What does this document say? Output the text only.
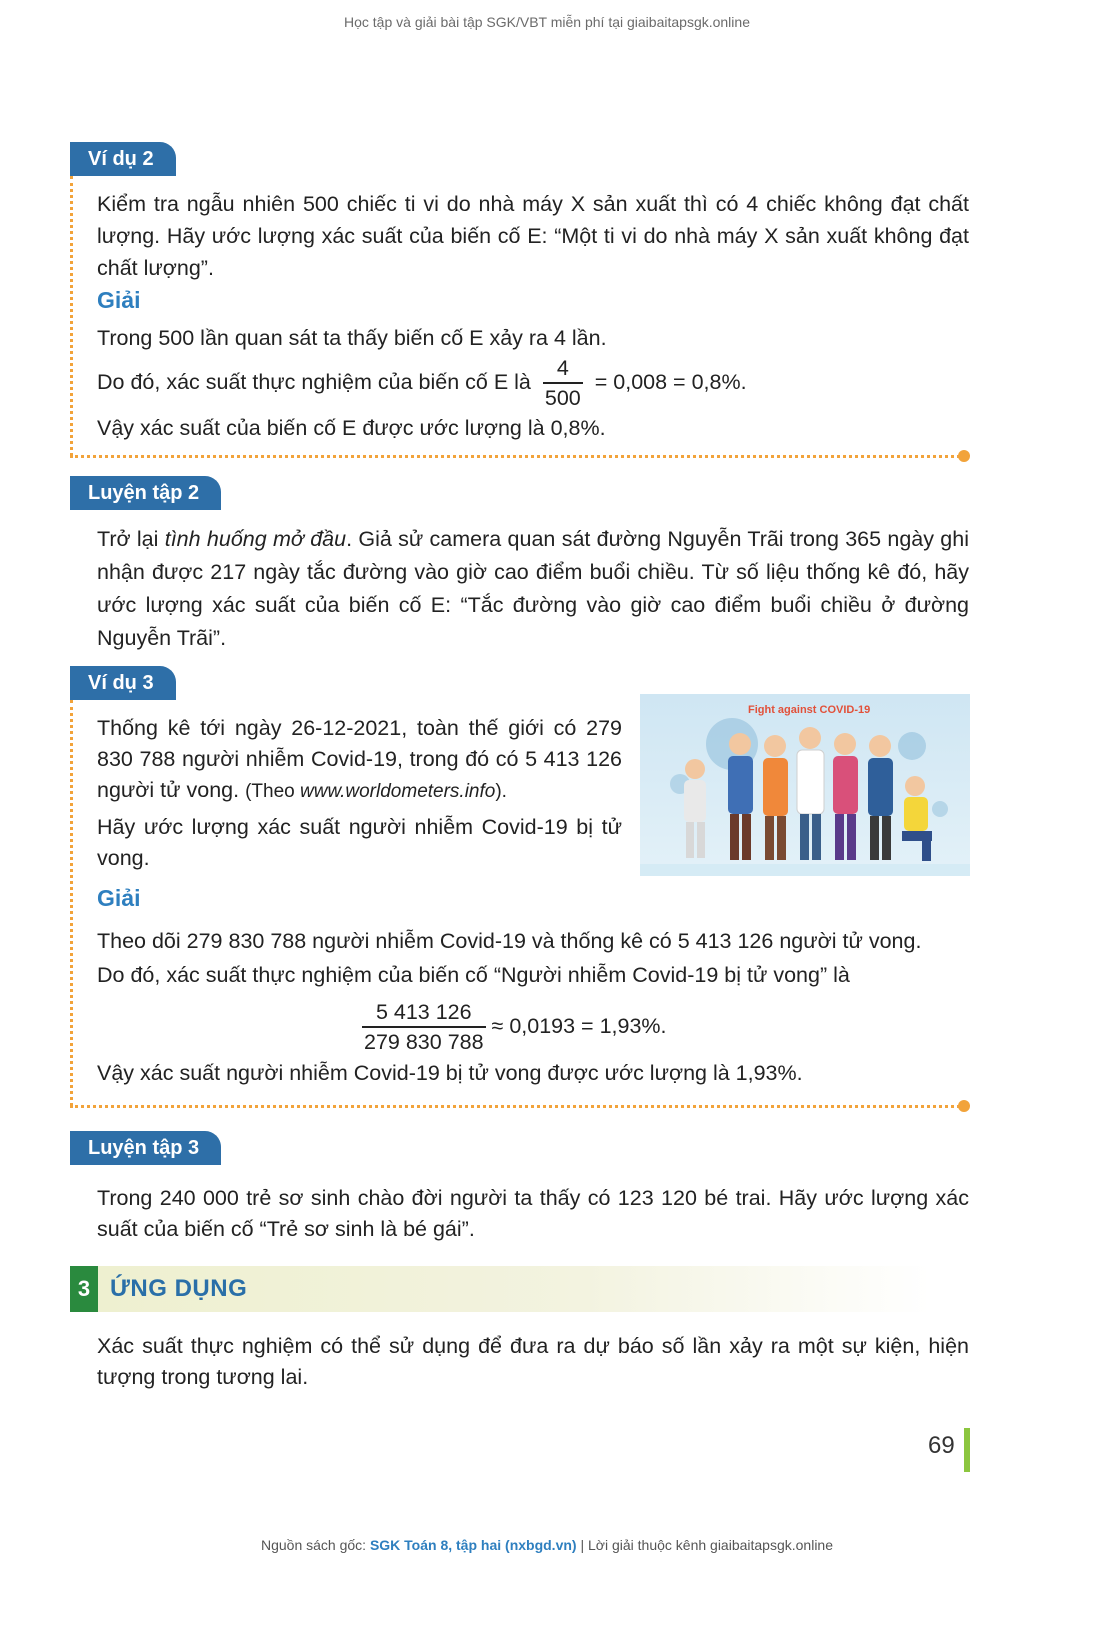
Học tập và giải bài tập SGK/VBT miễn phí tại giaibaitapsgk.online
Ví dụ 2
Kiểm tra ngẫu nhiên 500 chiếc ti vi do nhà máy X sản xuất thì có 4 chiếc không đạt chất lượng. Hãy ước lượng xác suất của biến cố E: “Một ti vi do nhà máy X sản xuất không đạt chất lượng”.
Giải
Trong 500 lần quan sát ta thấy biến cố E xảy ra 4 lần.
Do đó, xác suất thực nghiệm của biến cố E là $\frac{4}{500} = 0,008 = 0,8\%$.
Vậy xác suất của biến cố E được ước lượng là 0,8%.
Luyện tập 2
Trở lại tình huống mở đầu. Giả sử camera quan sát đường Nguyễn Trãi trong 365 ngày ghi nhận được 217 ngày tắc đường vào giờ cao điểm buổi chiều. Từ số liệu thống kê đó, hãy ước lượng xác suất của biến cố E: “Tắc đường vào giờ cao điểm buổi chiều ở đường Nguyễn Trãi”.
Ví dụ 3
Thống kê tới ngày 26-12-2021, toàn thế giới có 279 830 788 người nhiễm Covid-19, trong đó có 5 413 126 người tử vong. (Theo www.worldometers.info).
Hãy ước lượng xác suất người nhiễm Covid-19 bị tử vong.
Fight against COVID-19
Giải
Theo dõi 279 830 788 người nhiễm Covid-19 và thống kê có 5 413 126 người tử vong.
Do đó, xác suất thực nghiệm của biến cố “Người nhiễm Covid-19 bị tử vong” là
$\frac{5 413 126}{279 830 788} \approx 0,0193 = 1,93\%$.
Vậy xác suất người nhiễm Covid-19 bị tử vong được ước lượng là 1,93%.
Luyện tập 3
Trong 240 000 trẻ sơ sinh chào đời người ta thấy có 123 120 bé trai. Hãy ước lượng xác suất của biến cố “Trẻ sơ sinh là bé gái”.
3 ỨNG DỤNG
Xác suất thực nghiệm có thể sử dụng để đưa ra dự báo số lần xảy ra một sự kiện, hiện tượng trong tương lai.
69
Nguồn sách gốc: SGK Toán 8, tập hai (nxbgd.vn) | Lời giải thuộc kênh giaibaitapsgk.online
